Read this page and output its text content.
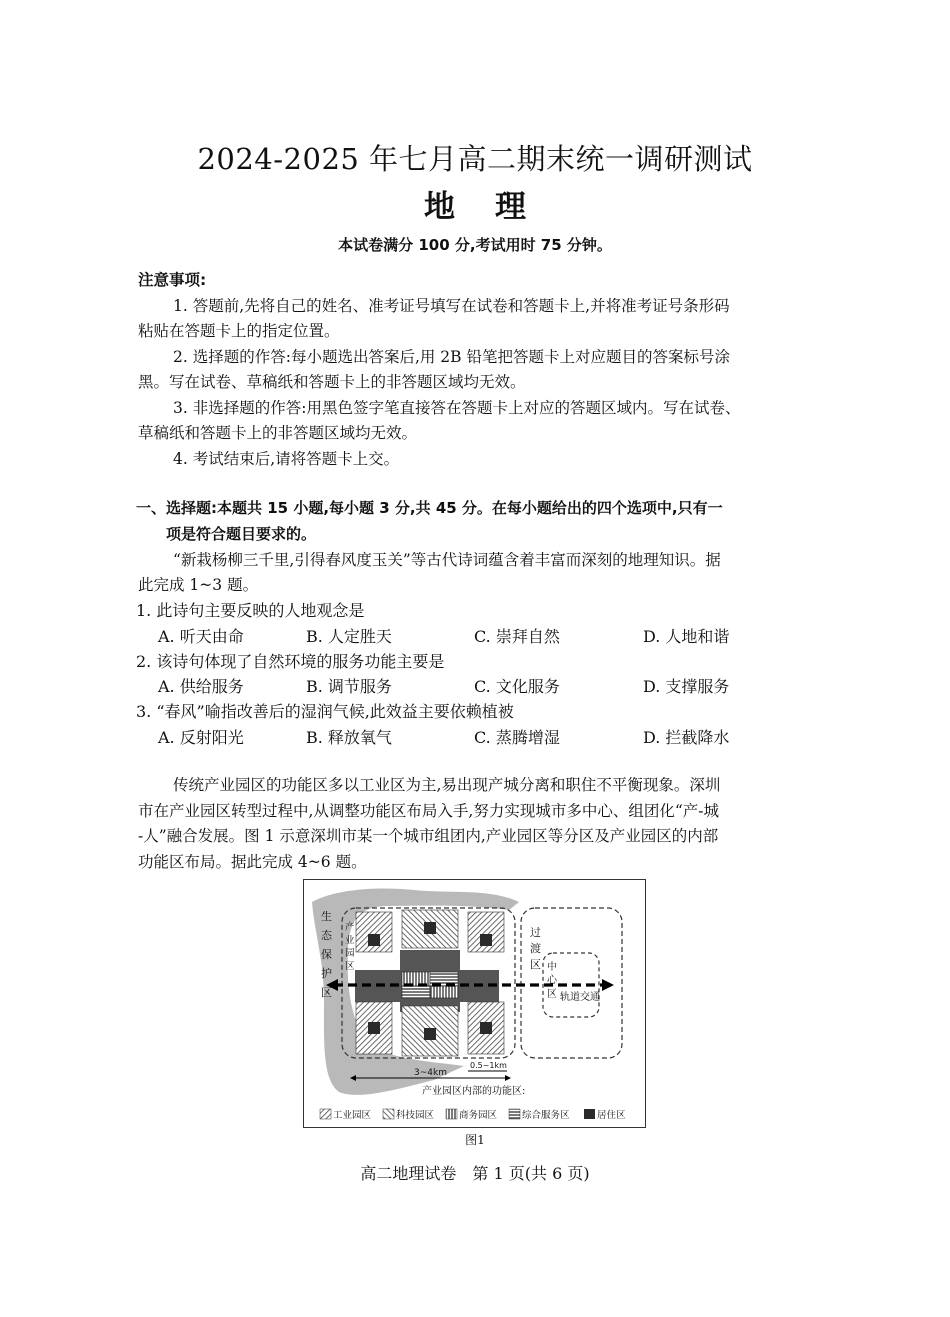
2024-2025 年七月高二期末统一调研测试
地理
本试卷满分 100 分,考试用时 75 分钟。
注意事项:
1. 答题前,先将自己的姓名、准考证号填写在试卷和答题卡上,并将准考证号条形码
粘贴在答题卡上的指定位置。
2. 选择题的作答:每小题选出答案后,用 2B 铅笔把答题卡上对应题目的答案标号涂
黑。写在试卷、草稿纸和答题卡上的非答题区域均无效。
3. 非选择题的作答:用黑色签字笔直接答在答题卡上对应的答题区域内。写在试卷、
草稿纸和答题卡上的非答题区域均无效。
4. 考试结束后,请将答题卡上交。
一、选择题:本题共 15 小题,每小题 3 分,共 45 分。在每小题给出的四个选项中,只有一
项是符合题目要求的。
“新栽杨柳三千里,引得春风度玉关”等古代诗词蕴含着丰富而深刻的地理知识。据
此完成 1~3 题。
1. 此诗句主要反映的人地观念是
A. 听天由命	B. 人定胜天	C. 崇拜自然	D. 人地和谐
2. 该诗句体现了自然环境的服务功能主要是
A. 供给服务	B. 调节服务	C. 文化服务	D. 支撑服务
3. “春风”喻指改善后的湿润气候,此效益主要依赖植被
A. 反射阳光	B. 释放氧气	C. 蒸腾增湿	D. 拦截降水
传统产业园区的功能区多以工业区为主,易出现产城分离和职住不平衡现象。深圳
市在产业园区转型过程中,从调整功能区布局入手,努力实现城市多中心、组团化“产-城
-人”融合发展。图 1 示意深圳市某一个城市组团内,产业园区等分区及产业园区的内部
功能区布局。据此完成 4~6 题。
生
态
保
护
区
产
业
园
区
过
渡
区 中
心
区 轨道交通
3~4km
0.5~1km
产业园区内部的功能区:
工业园区	科技园区	商务园区	综合服务区	居住区
图1
高二地理试卷　第 1 页(共 6 页)
